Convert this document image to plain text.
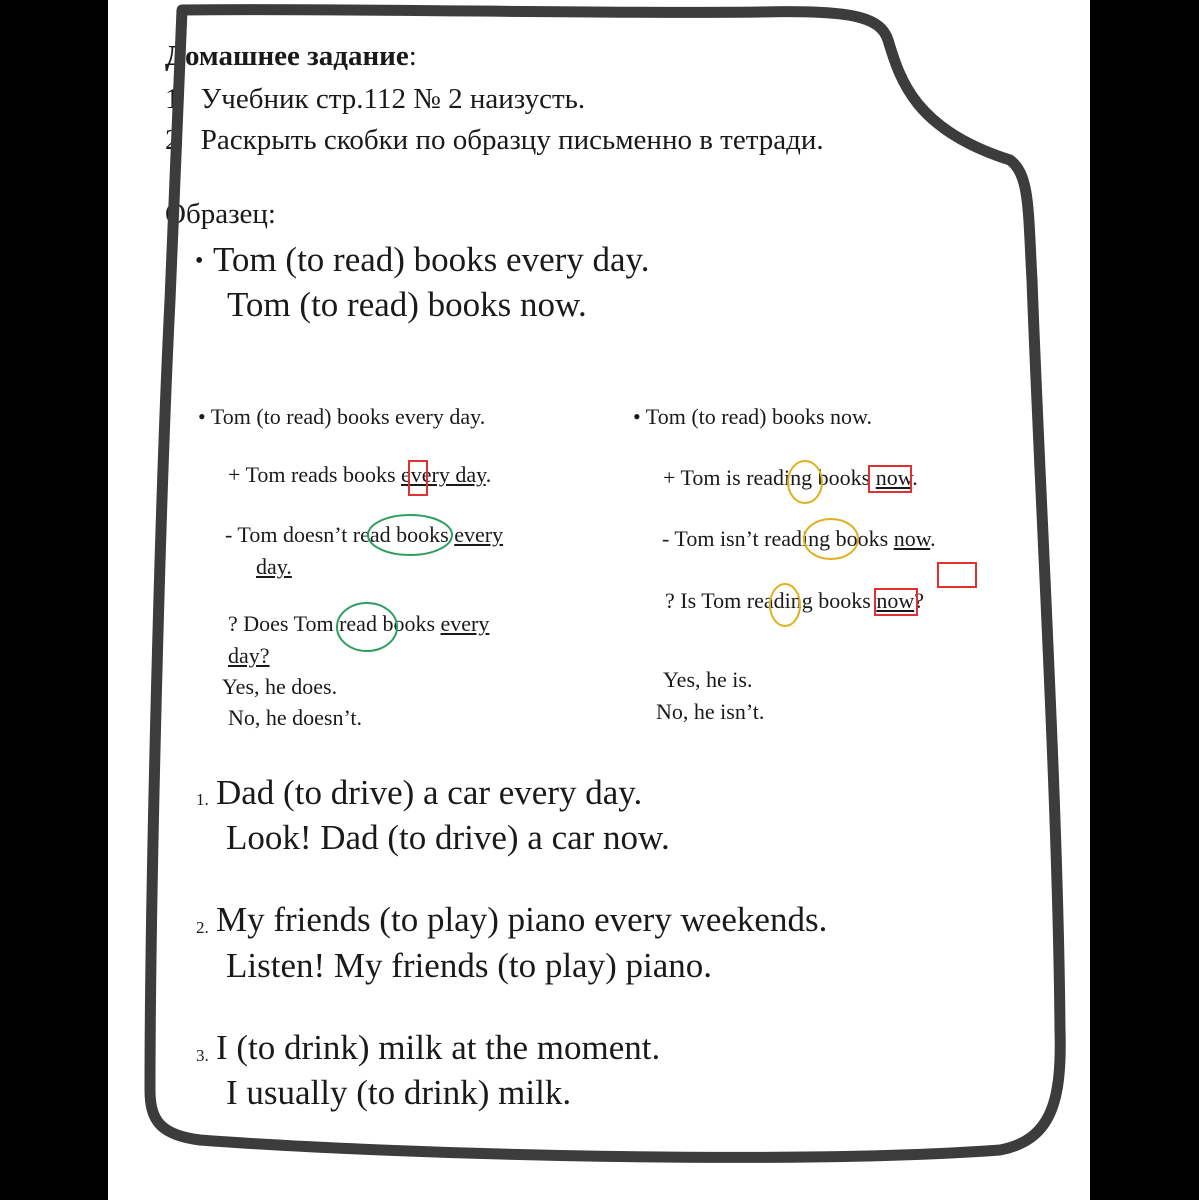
Домашнее задание:
1 Учебник стр.112 № 2 наизусть.
2 Раскрыть скобки по образцу письменно в тетради.
Образец:
• Tom (to read) books every day.
Tom (to read) books now.
• Tom (to read) books every day.
+ Tom reads books every day.
- Tom doesn’t read books every
day.
? Does Tom read books every
day?
Yes, he does.
No, he doesn’t.
• Tom (to read) books now.
+ Tom is reading books now.
- Tom isn’t reading books now.
? Is Tom reading books now?
Yes, he is.
No, he isn’t.
1. Dad (to drive) a car every day.
Look! Dad (to drive) a car now.
2. My friends (to play) piano every weekends.
Listen! My friends (to play) piano.
3. I (to drink) milk at the moment.
I usually (to drink) milk.
